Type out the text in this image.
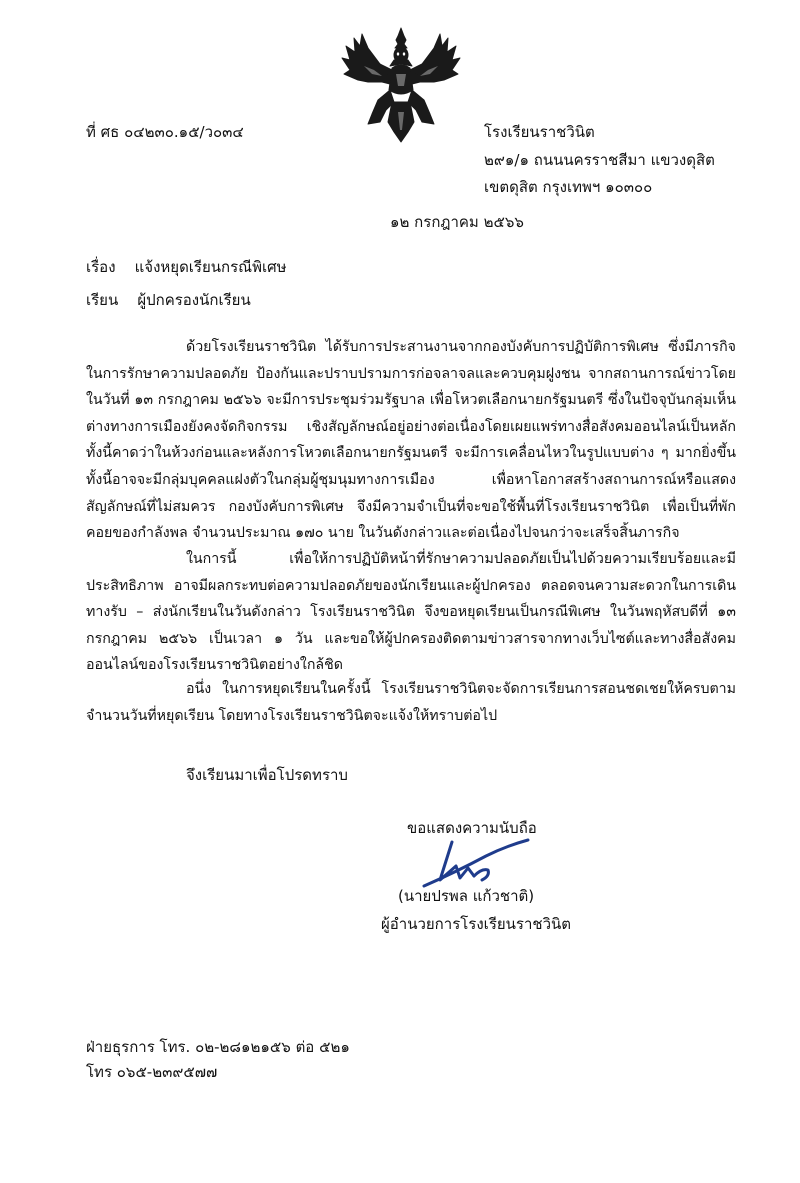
ที่ ศธ ๐๔๒๓๐.๑๕/ว๐๓๔	โรงเรียนราชวินิต
๒๙๑/๑ ถนนนครราชสีมา แขวงดุสิต
เขตดุสิต กรุงเทพฯ ๑๐๓๐๐
๑๒ กรกฎาคม ๒๕๖๖
เรื่อง แจ้งหยุดเรียนกรณีพิเศษ
เรียน ผู้ปกครองนักเรียน

ด้วยโรงเรียนราชวินิต ได้รับการประสานงานจากกองบังคับการปฏิบัติการพิเศษ ซึ่งมีภารกิจในการรักษาความปลอดภัย ป้องกันและปราบปรามการก่อจลาจลและควบคุมฝูงชน จากสถานการณ์ข่าวโดยในวันที่ ๑๓ กรกฎาคม ๒๕๖๖ จะมีการประชุมร่วมรัฐบาล เพื่อโหวตเลือกนายกรัฐมนตรี ซึ่งในปัจจุบันกลุ่มเห็นต่างทางการเมืองยังคงจัดกิจกรรม เชิงสัญลักษณ์อยู่อย่างต่อเนื่องโดยเผยแพร่ทางสื่อสังคมออนไลน์เป็นหลัก ทั้งนี้คาดว่าในห้วงก่อนและหลังการโหวตเลือกนายกรัฐมนตรี จะมีการเคลื่อนไหวในรูปแบบต่าง ๆ มากยิ่งขึ้น ทั้งนี้อาจจะมีกลุ่มบุคคลแฝงตัวในกลุ่มผู้ชุมนุมทางการเมือง เพื่อหาโอกาสสร้างสถานการณ์หรือแสดงสัญลักษณ์ที่ไม่สมควร กองบังคับการพิเศษ จึงมีความจำเป็นที่จะขอใช้พื้นที่โรงเรียนราชวินิต เพื่อเป็นที่พักคอยของกำลังพล จำนวนประมาณ ๑๗๐ นาย ในวันดังกล่าวและต่อเนื่องไปจนกว่าจะเสร็จสิ้นภารกิจ

ในการนี้ เพื่อให้การปฏิบัติหน้าที่รักษาความปลอดภัยเป็นไปด้วยความเรียบร้อยและมีประสิทธิภาพ อาจมีผลกระทบต่อความปลอดภัยของนักเรียนและผู้ปกครอง ตลอดจนความสะดวกในการเดินทางรับ – ส่งนักเรียนในวันดังกล่าว โรงเรียนราชวินิต จึงขอหยุดเรียนเป็นกรณีพิเศษ ในวันพฤหัสบดีที่ ๑๓ กรกฎาคม ๒๕๖๖ เป็นเวลา ๑ วัน และขอให้ผู้ปกครองติดตามข่าวสารจากทางเว็บไซต์และทางสื่อสังคมออนไลน์ของโรงเรียนราชวินิตอย่างใกล้ชิด

อนึ่ง ในการหยุดเรียนในครั้งนี้ โรงเรียนราชวินิตจะจัดการเรียนการสอนชดเชยให้ครบตามจำนวนวันที่หยุดเรียน โดยทางโรงเรียนราชวินิตจะแจ้งให้ทราบต่อไป

จึงเรียนมาเพื่อโปรดทราบ
ขอแสดงความนับถือ
(นายปรพล แก้วชาติ)
ผู้อำนวยการโรงเรียนราชวินิต
ฝ่ายธุรการ โทร. ๐๒-๒๘๑๒๑๕๖ ต่อ ๕๒๑
โทร ๐๖๕-๒๓๙๕๗๗
